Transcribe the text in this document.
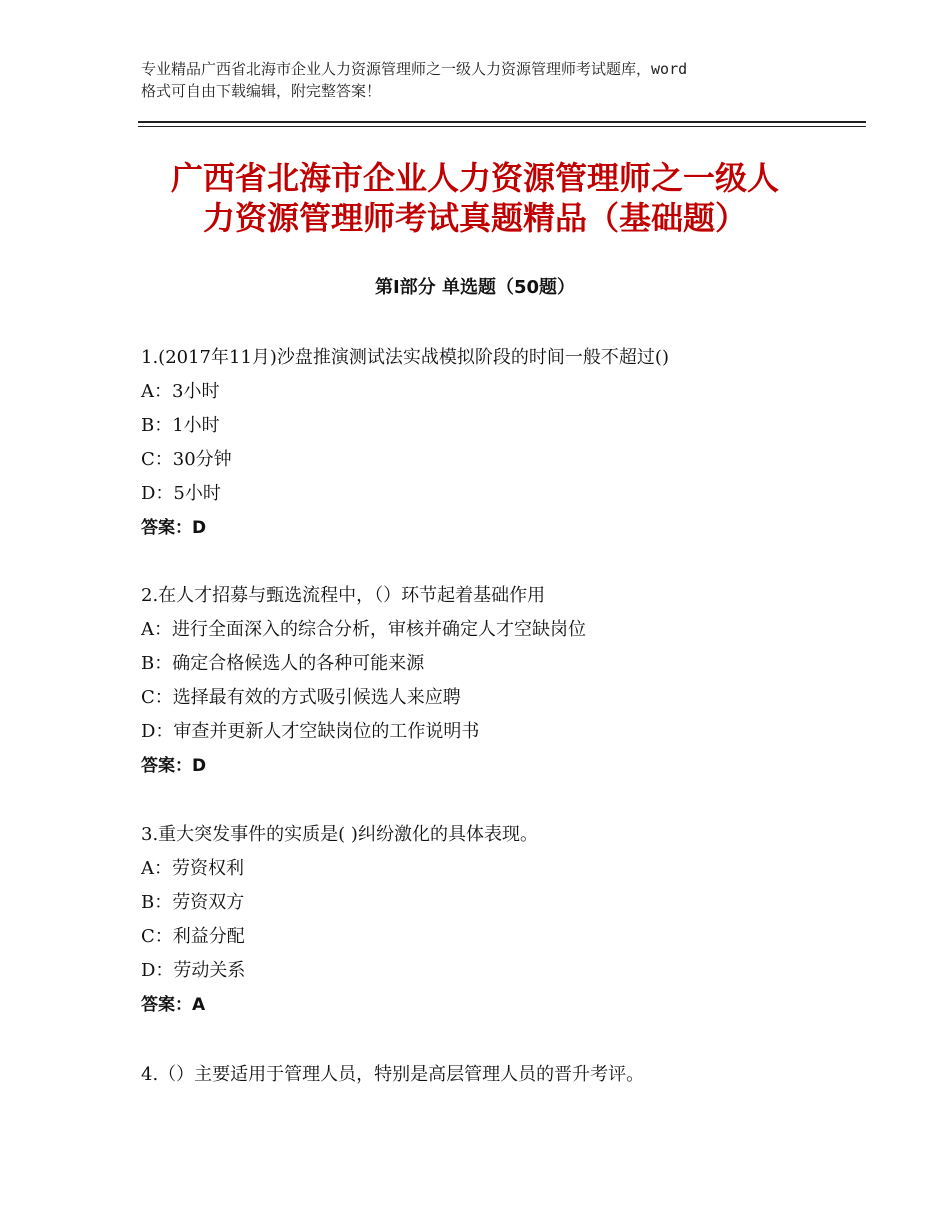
专业精品广西省北海市企业人力资源管理师之一级人力资源管理师考试题库，word
格式可自由下载编辑，附完整答案！
广西省北海市企业人力资源管理师之一级人
力资源管理师考试真题精品（基础题）
第Ⅰ部分 单选题（50题）
1.(2017年11月)沙盘推演测试法实战模拟阶段的时间一般不超过()
A：3小时
B：1小时
C：30分钟
D：5小时
答案：D
2.在人才招募与甄选流程中，（）环节起着基础作用
A：进行全面深入的综合分析，审核并确定人才空缺岗位
B：确定合格候选人的各种可能来源
C：选择最有效的方式吸引候选人来应聘
D：审查并更新人才空缺岗位的工作说明书
答案：D
3.重大突发事件的实质是( )纠纷激化的具体表现。
A：劳资权利
B：劳资双方
C：利益分配
D：劳动关系
答案：A
4.（）主要适用于管理人员，特别是高层管理人员的晋升考评。
